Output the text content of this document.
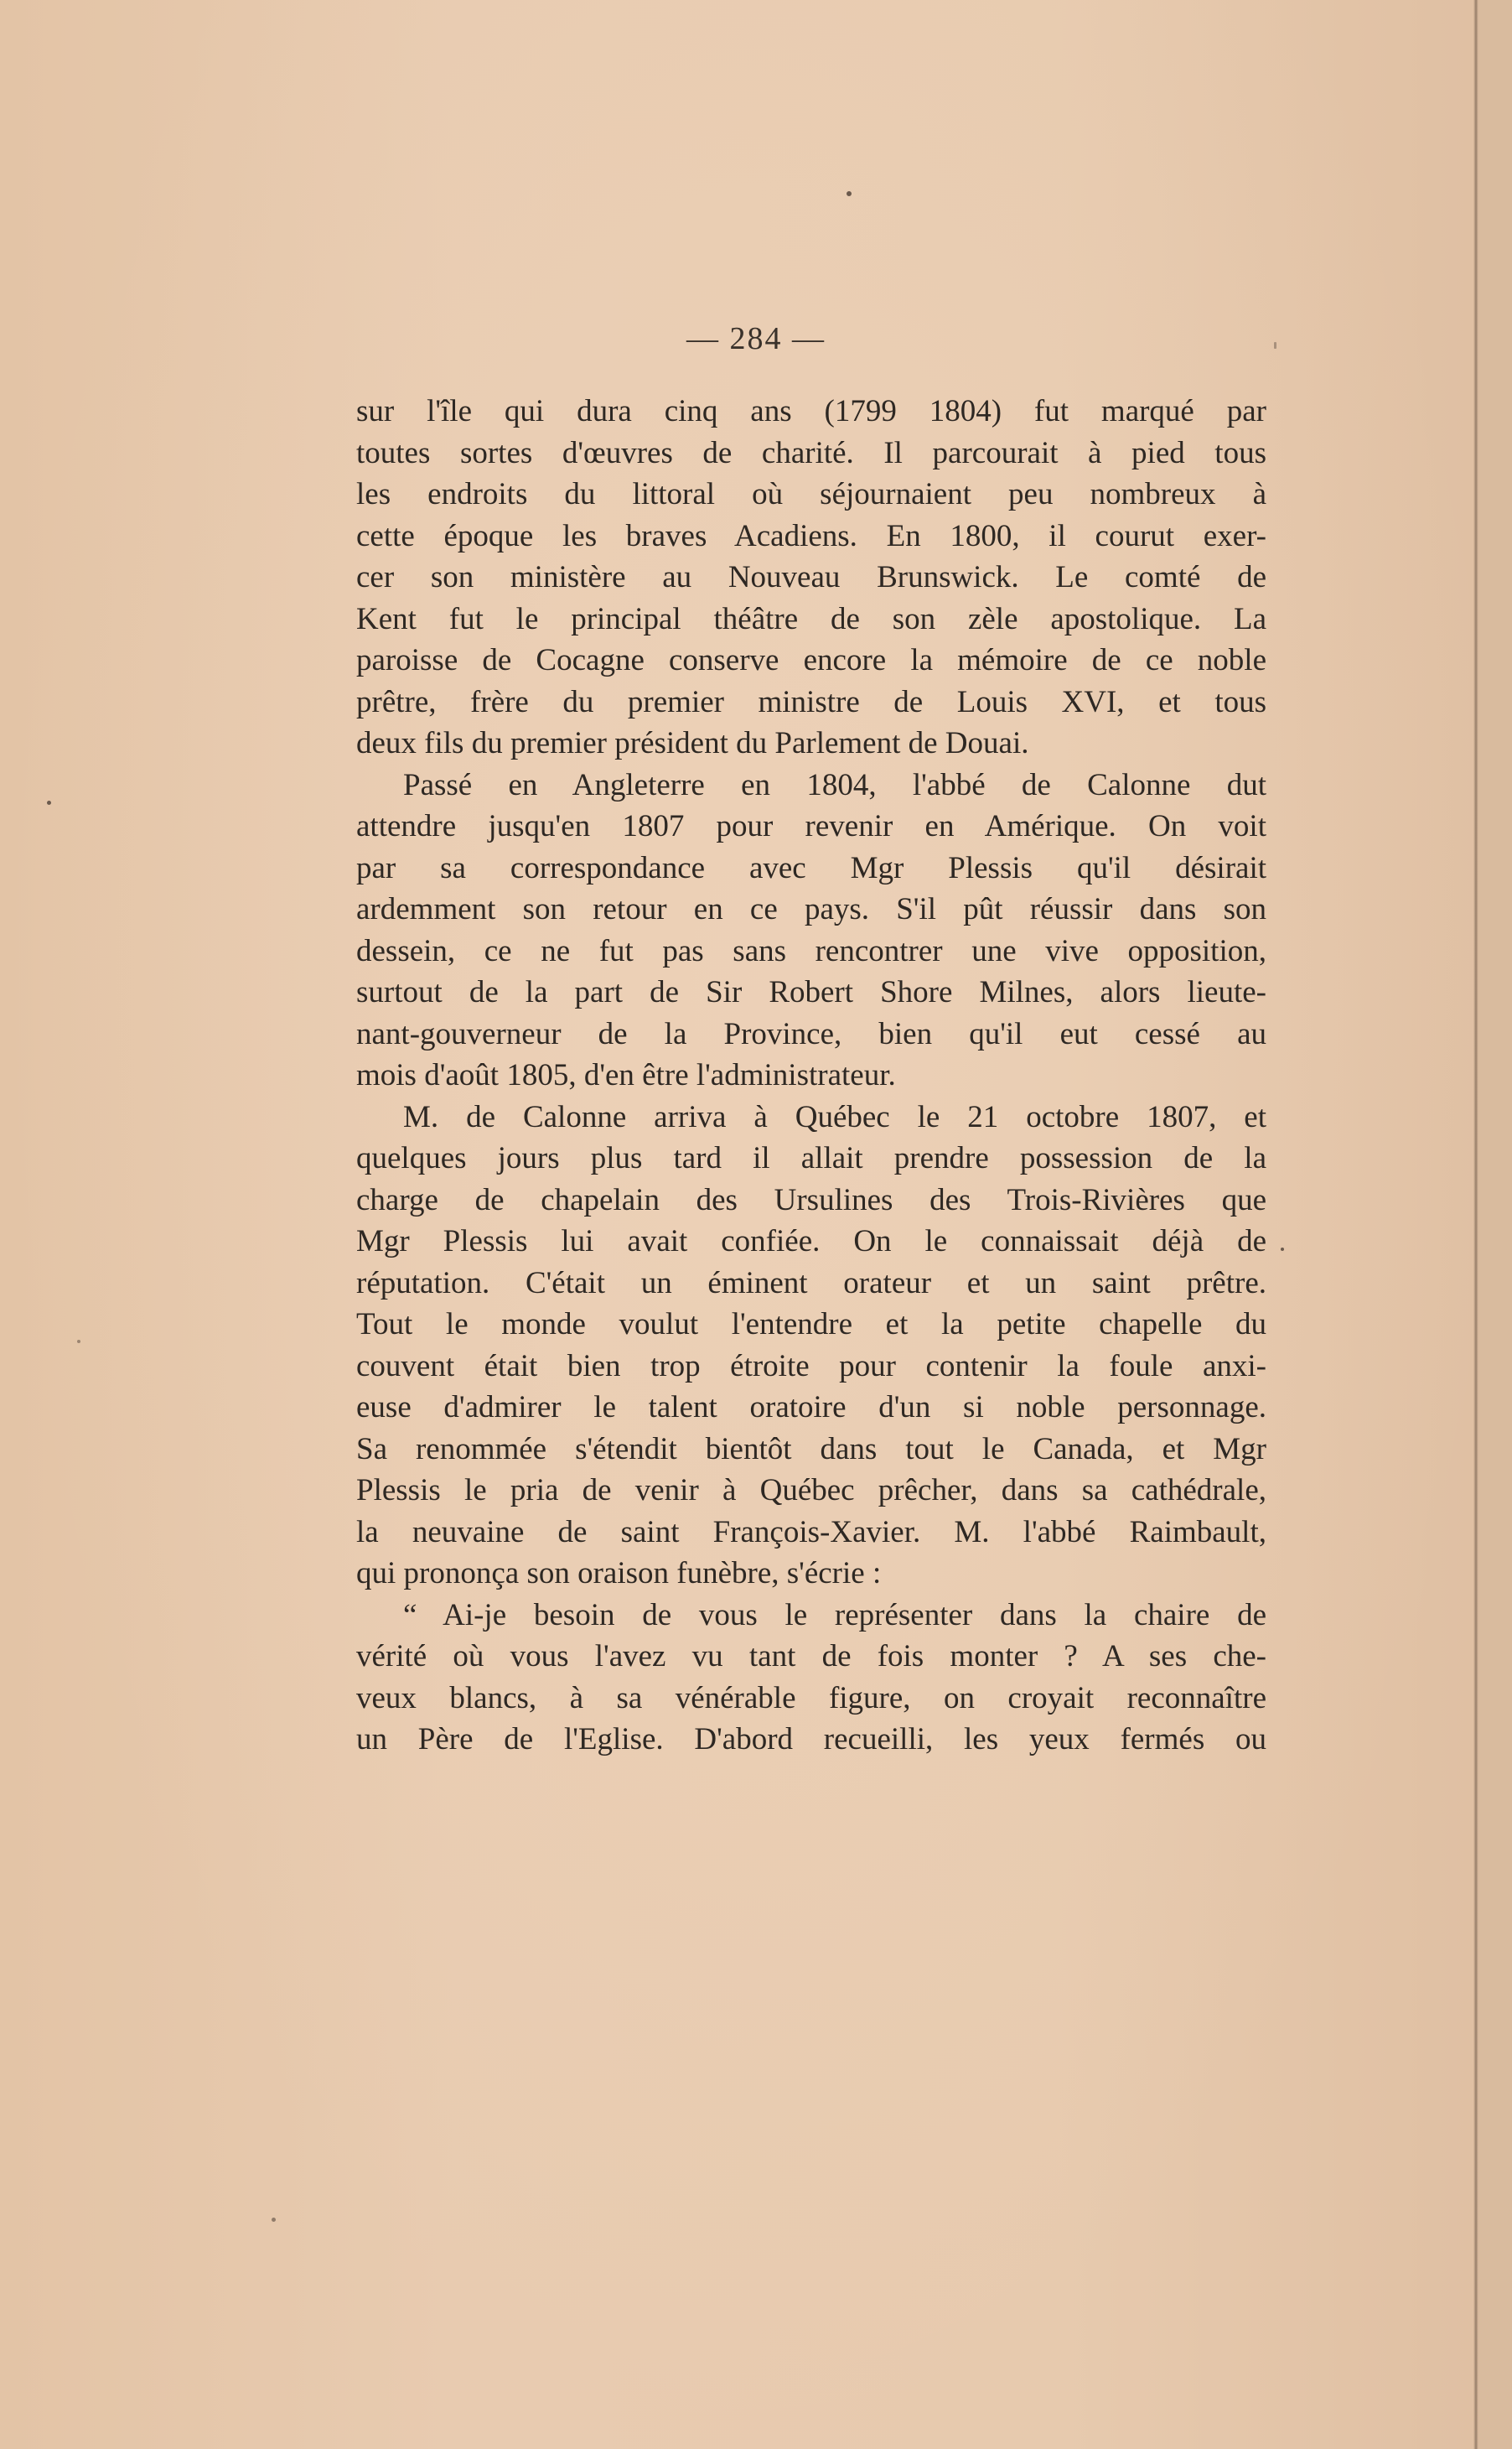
— 284 —
sur l'île qui dura cinq ans (1799 1804) fut marqué par
toutes sortes d'œuvres de charité. Il parcourait à pied tous
les endroits du littoral où séjournaient peu nombreux à
cette époque les braves Acadiens. En 1800, il courut exer-
cer son ministère au Nouveau Brunswick. Le comté de
Kent fut le principal théâtre de son zèle apostolique. La
paroisse de Cocagne conserve encore la mémoire de ce noble
prêtre, frère du premier ministre de Louis XVI, et tous
deux fils du premier président du Parlement de Douai.
Passé en Angleterre en 1804, l'abbé de Calonne dut
attendre jusqu'en 1807 pour revenir en Amérique. On voit
par sa correspondance avec Mgr Plessis qu'il désirait
ardemment son retour en ce pays. S'il pût réussir dans son
dessein, ce ne fut pas sans rencontrer une vive opposition,
surtout de la part de Sir Robert Shore Milnes, alors lieute-
nant-gouverneur de la Province, bien qu'il eut cessé au
mois d'août 1805, d'en être l'administrateur.
M. de Calonne arriva à Québec le 21 octobre 1807, et
quelques jours plus tard il allait prendre possession de la
charge de chapelain des Ursulines des Trois-Rivières que
Mgr Plessis lui avait confiée. On le connaissait déjà de
réputation. C'était un éminent orateur et un saint prêtre.
Tout le monde voulut l'entendre et la petite chapelle du
couvent était bien trop étroite pour contenir la foule anxi-
euse d'admirer le talent oratoire d'un si noble personnage.
Sa renommée s'étendit bientôt dans tout le Canada, et Mgr
Plessis le pria de venir à Québec prêcher, dans sa cathédrale,
la neuvaine de saint François-Xavier. M. l'abbé Raimbault,
qui prononça son oraison funèbre, s'écrie :
“ Ai-je besoin de vous le représenter dans la chaire de
vérité où vous l'avez vu tant de fois monter ? A ses che-
veux blancs, à sa vénérable figure, on croyait reconnaître
un Père de l'Eglise. D'abord recueilli, les yeux fermés ou
